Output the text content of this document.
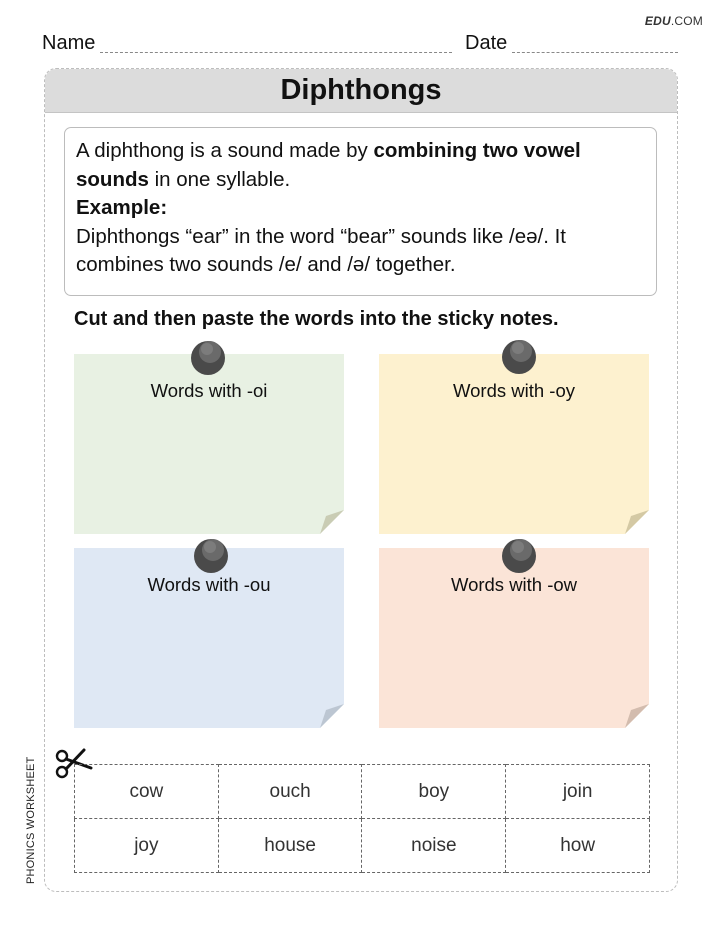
EDU.COM
Name	Date
Diphthongs
A diphthong is a sound made by combining two vowel sounds in one syllable.
Example:
Diphthongs “ear” in the word “bear” sounds like /eə/. It combines two sounds /e/ and /ə/ together.
Cut and then paste the words into the sticky notes.
Words with -oi	Words with -oy
Words with -ou	Words with -ow
cow	ouch	boy	join
joy	house	noise	how
PHONICS WORKSHEET
